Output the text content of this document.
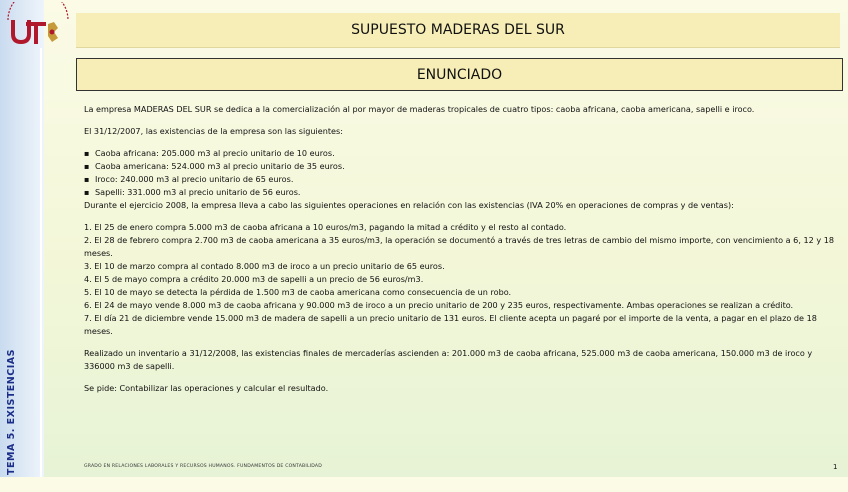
TEMA 5. EXISTENCIAS
SUPUESTO MADERAS DEL SUR
ENUNCIADO

La empresa MADERAS DEL SUR se dedica a la comercialización al por mayor de maderas tropicales de cuatro tipos: caoba africana, caoba americana, sapelli e iroco.

El 31/12/2007, las existencias de la empresa son las siguientes:

▪ Caoba africana: 205.000 m3 al precio unitario de 10 euros.
▪ Caoba americana: 524.000 m3 al precio unitario de 35 euros.
▪ Iroco: 240.000 m3 al precio unitario de 65 euros.
▪ Sapelli: 331.000 m3 al precio unitario de 56 euros.

Durante el ejercicio 2008, la empresa lleva a cabo las siguientes operaciones en relación con las existencias (IVA 20% en operaciones de compras y de ventas):

1. El 25 de enero compra 5.000 m3 de caoba africana a 10 euros/m3, pagando la mitad a crédito y el resto al contado.

2. El 28 de febrero compra 2.700 m3 de caoba americana a 35 euros/m3, la operación se documentó a través de tres letras de cambio del mismo importe, con vencimiento a 6, 12 y 18 meses.

3. El 10 de marzo compra al contado 8.000 m3 de iroco a un precio unitario de 65 euros.

4. El 5 de mayo compra a crédito 20.000 m3 de sapelli a un precio de 56 euros/m3.

5. El 10 de mayo se detecta la pérdida de 1.500 m3 de caoba americana como consecuencia de un robo.

6. El 24 de mayo vende 8.000 m3 de caoba africana y 90.000 m3 de iroco a un precio unitario de 200 y 235 euros, respectivamente. Ambas operaciones se realizan a crédito.

7. El día 21 de diciembre vende 15.000 m3 de madera de sapelli a un precio unitario de 131 euros. El cliente acepta un pagaré por el importe de la venta, a pagar en el plazo de 18 meses.

Realizado un inventario a 31/12/2008, las existencias finales de mercaderías ascienden a: 201.000 m3 de caoba africana, 525.000 m3 de caoba americana, 150.000 m3 de iroco y 336000 m3 de sapelli.

Se pide: Contabilizar las operaciones y calcular el resultado.

GRADO EN RELACIONES LABORALES Y RECURSOS HUMANOS. FUNDAMENTOS DE CONTABILIDAD	1
